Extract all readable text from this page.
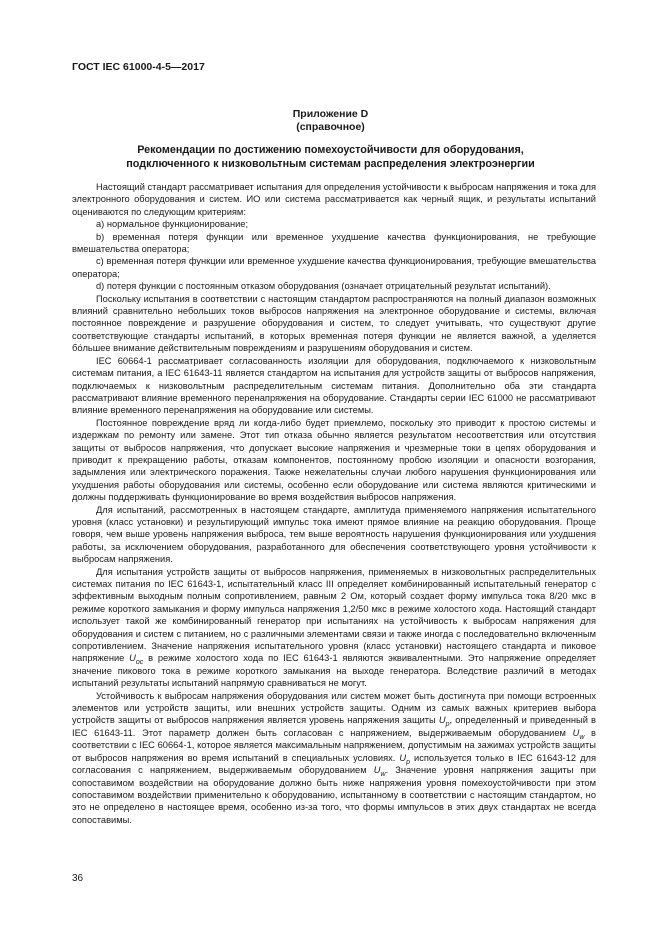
ГОСТ IEC 61000-4-5—2017
Приложение D
(справочное)
Рекомендации по достижению помехоустойчивости для оборудования,
подключенного к низковольтным системам распределения электроэнергии

Настоящий стандарт рассматривает испытания для определения устойчивости к выбросам напряжения и тока для электронного оборудования и систем. ИО или система рассматривается как черный ящик, и результаты испытаний оцениваются по следующим критериям:

a) нормальное функционирование;

b) временная потеря функции или временное ухудшение качества функционирования, не требующие вмешательства оператора;

c) временная потеря функции или временное ухудшение качества функционирования, требующие вмешательства оператора;

d) потеря функции с постоянным отказом оборудования (означает отрицательный результат испытаний).

Поскольку испытания в соответствии с настоящим стандартом распространяются на полный диапазон возможных влияний сравнительно небольших токов выбросов напряжения на электронное оборудование и системы, включая постоянное повреждение и разрушение оборудования и систем, то следует учитывать, что существуют другие соответствующие стандарты испытаний, в которых временная потеря функции не является важной, а уделяется бо́льшее внимание действительным повреждениям и разрушениям оборудования и систем.

IEC 60664-1 рассматривает согласованность изоляции для оборудования, подключаемого к низковольтным системам питания, а IEC 61643-11 является стандартом на испытания для устройств защиты от выбросов напряжения, подключаемых к низковольтным распределительным системам питания. Дополнительно оба эти стандарта рассматривают влияние временного перенапряжения на оборудование. Стандарты серии IEC 61000 не рассматривают влияние временного перенапряжения на оборудование или системы.

Постоянное повреждение вряд ли когда-либо будет приемлемо, поскольку это приводит к простою системы и издержкам по ремонту или замене. Этот тип отказа обычно является результатом несоответствия или отсутствия защиты от выбросов напряжения, что допускает высокие напряжения и чрезмерные токи в цепях оборудования и приводит к прекращению работы, отказам компонентов, постоянному пробою изоляции и опасности возгорания, задымления или электрического поражения. Также нежелательны случаи любого нарушения функционирования или ухудшения работы оборудования или системы, особенно если оборудование или система являются критическими и должны поддерживать функционирование во время воздействия выбросов напряжения.

Для испытаний, рассмотренных в настоящем стандарте, амплитуда применяемого напряжения испытательного уровня (класс установки) и результирующий импульс тока имеют прямое влияние на реакцию оборудования. Проще говоря, чем выше уровень напряжения выброса, тем выше вероятность нарушения функционирования или ухудшения работы, за исключением оборудования, разработанного для обеспечения соответствующего уровня устойчивости к выбросам напряжения.

Для испытания устройств защиты от выбросов напряжения, применяемых в низковольтных распределительных системах питания по IEC 61643-1, испытательный класс III определяет комбинированный испытательный генератор с эффективным выходным полным сопротивлением, равным 2 Ом, который создает форму импульса тока 8/20 мкс в режиме короткого замыкания и форму импульса напряжения 1,2/50 мкс в режиме холостого хода. Настоящий стандарт использует такой же комбинированный генератор при испытаниях на устойчивость к выбросам напряжения для оборудования и систем с питанием, но с различными элементами связи и также иногда с последовательно включенным сопротивлением. Значение напряжения испытательного уровня (класс установки) настоящего стандарта и пиковое напряжение $U_{oc}$ в режиме холостого хода по IEC 61643-1 являются эквивалентными. Это напряжение определяет значение пикового тока в режиме короткого замыкания на выходе генератора. Вследствие различий в методах испытаний результаты испытаний напрямую сравниваться не могут.

Устойчивость к выбросам напряжения оборудования или систем может быть достигнута при помощи встроенных элементов или устройств защиты, или внешних устройств защиты. Одним из самых важных критериев выбора устройств защиты от выбросов напряжения является уровень напряжения защиты $U_p$, определенный и приведенный в IEC 61643-11. Этот параметр должен быть согласован с напряжением, выдерживаемым оборудованием $U_w$ в соответствии с IEC 60664-1, которое является максимальным напряжением, допустимым на зажимах устройств защиты от выбросов напряжения во время испытаний в специальных условиях. $U_p$ используется только в IEC 61643-12 для согласования с напряжением, выдерживаемым оборудованием $U_w$. Значение уровня напряжения защиты при сопоставимом воздействии на оборудование должно быть ниже напряжения уровня помехоустойчивости при этом сопоставимом воздействии применительно к оборудованию, испытанному в соответствии с настоящим стандартом, но это не определено в настоящее время, особенно из-за того, что формы импульсов в этих двух стандартах не всегда сопоставимы.

36
